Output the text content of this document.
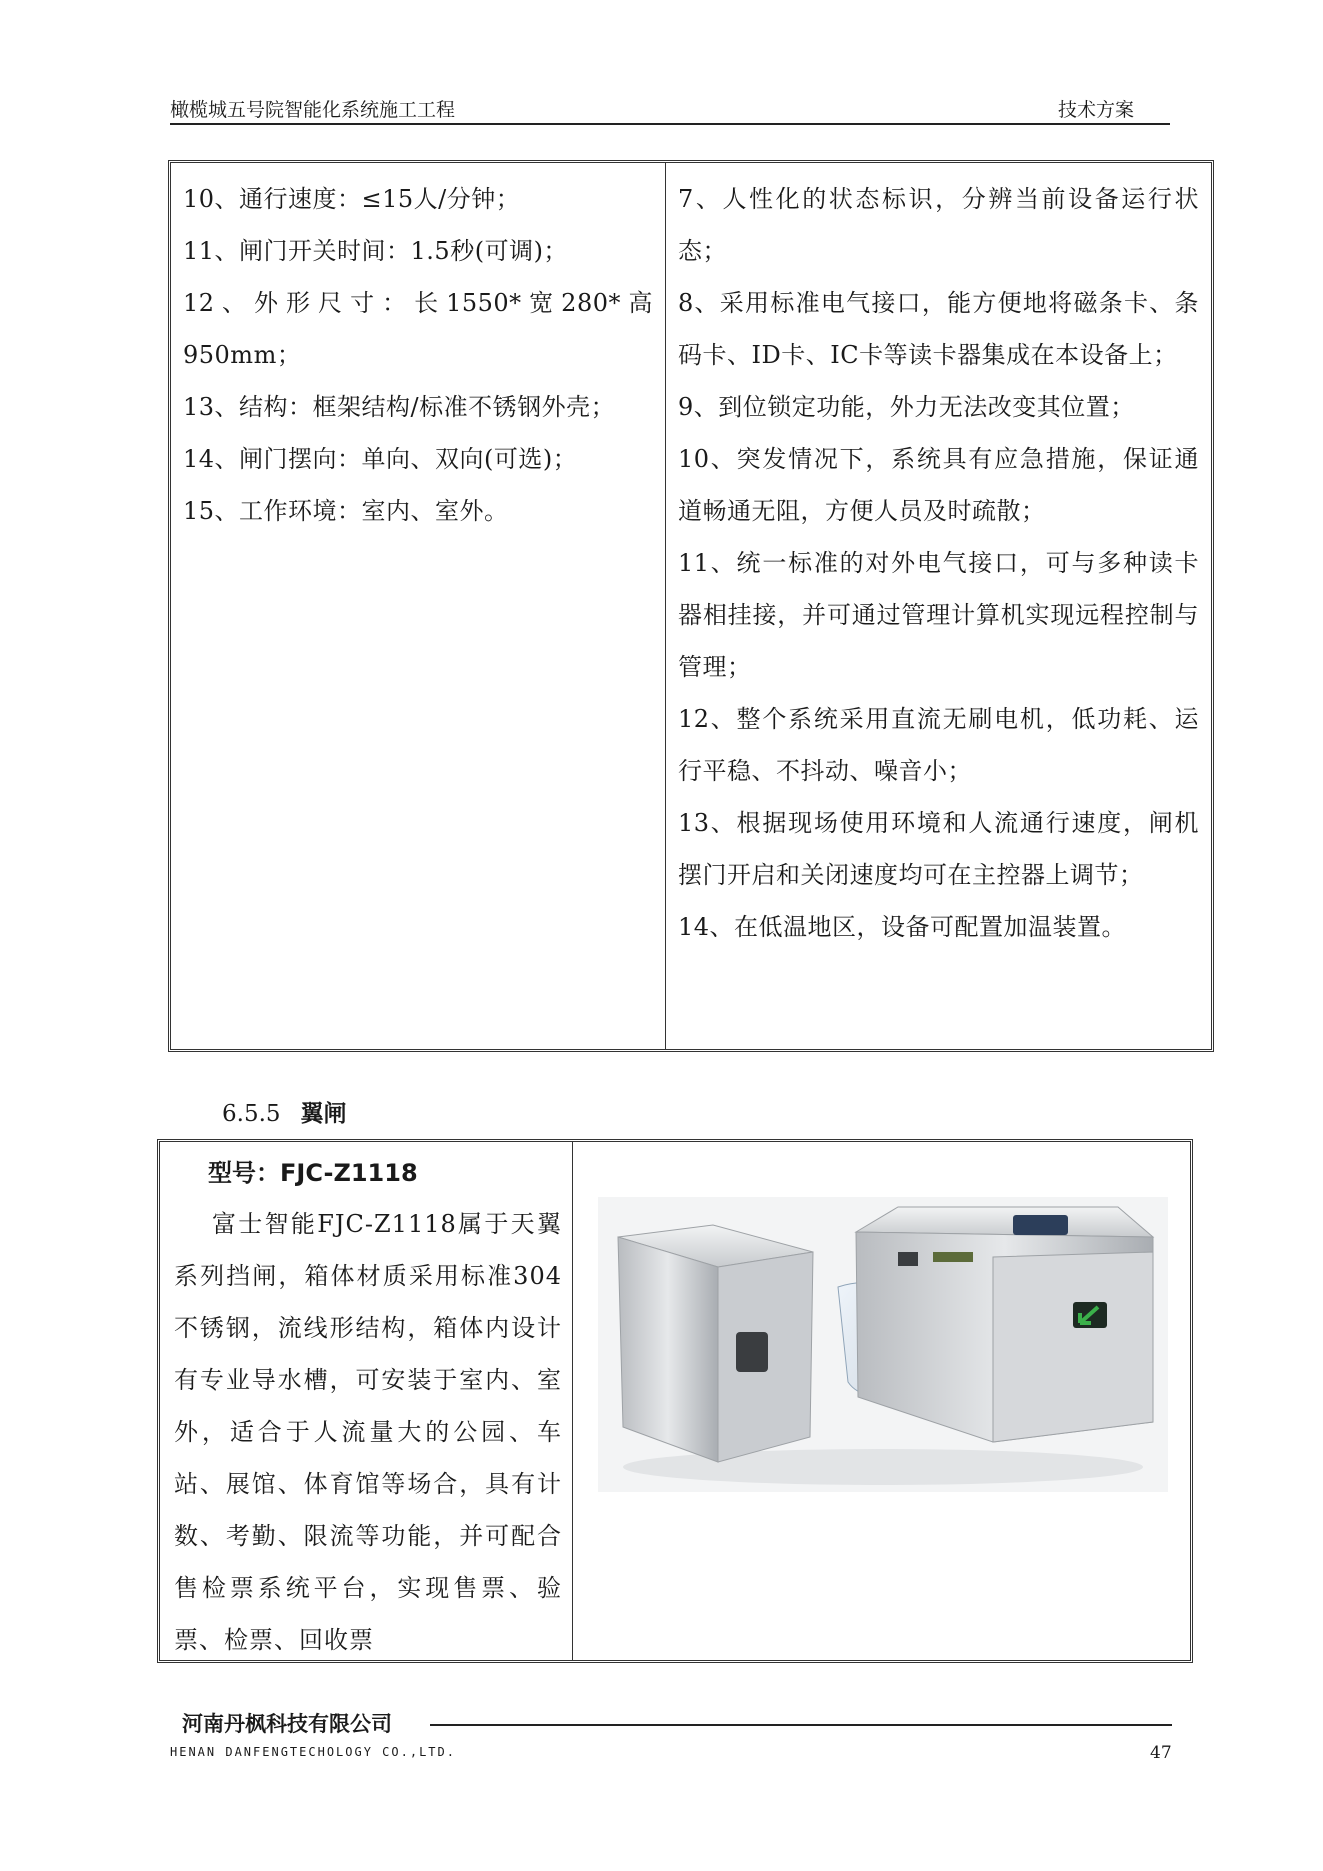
橄榄城五号院智能化系统施工工程	技术方案

10、通行速度：≤15人/分钟；

11、闸门开关时间：1.5秒(可调)；

12、外形尺寸：长1550*宽280*高950mm；

13、结构：框架结构/标准不锈钢外壳；

14、闸门摆向：单向、双向(可选)；

15、工作环境：室内、室外。

7、人性化的状态标识，分辨当前设备运行状态；

8、采用标准电气接口，能方便地将磁条卡、条码卡、ID卡、IC卡等读卡器集成在本设备上；

9、到位锁定功能，外力无法改变其位置；

10、突发情况下，系统具有应急措施，保证通道畅通无阻，方便人员及时疏散；

11、统一标准的对外电气接口，可与多种读卡器相挂接，并可通过管理计算机实现远程控制与管理；

12、整个系统采用直流无刷电机，低功耗、运行平稳、不抖动、噪音小；

13、根据现场使用环境和人流通行速度，闸机摆门开启和关闭速度均可在主控器上调节；

14、在低温地区，设备可配置加温装置。

6.5.5 翼闸
型号：FJC-Z1118

富士智能FJC-Z1118属于天翼系列挡闸，箱体材质采用标准304不锈钢，流线形结构，箱体内设计有专业导水槽，可安装于室内、室外，适合于人流量大的公园、车站、展馆、体育馆等场合，具有计数、考勤、限流等功能，并可配合售检票系统平台，实现售票、验票、检票、回收票

河南丹枫科技有限公司
HENAN DANFENGTECHOLOGY CO.,LTD.	47
